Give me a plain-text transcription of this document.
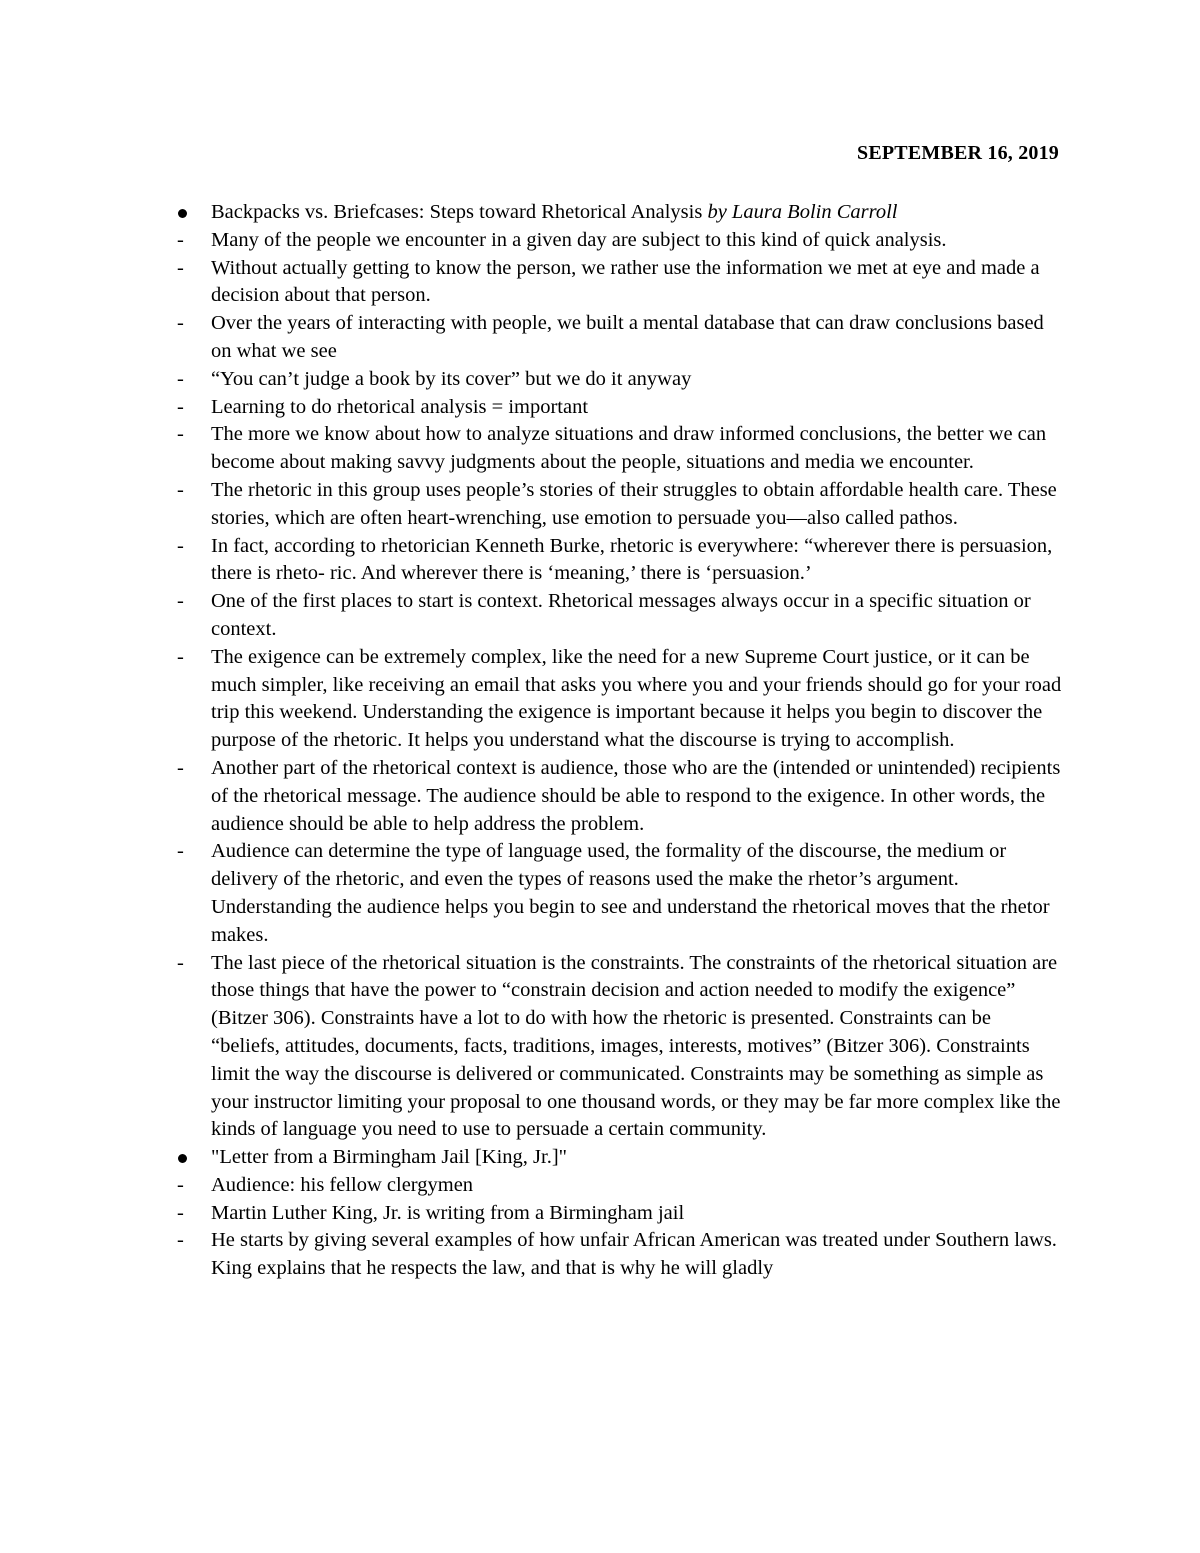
SEPTEMBER 16, 2019
Backpacks vs. Briefcases: Steps toward Rhetorical Analysis by Laura Bolin Carroll
- Many of the people we encounter in a given day are subject to this kind of quick analysis.
- Without actually getting to know the person, we rather use the information we met at eye and made a decision about that person.
- Over the years of interacting with people, we built a mental database that can draw conclusions based on what we see
- “You can’t judge a book by its cover” but we do it anyway
- Learning to do rhetorical analysis = important
- The more we know about how to analyze situations and draw informed conclusions, the better we can become about making savvy judgments about the people, situations and media we encounter.
- The rhetoric in this group uses people’s stories of their struggles to obtain affordable health care. These stories, which are often heart-wrenching, use emotion to persuade you—also called pathos.
- In fact, according to rhetorician Kenneth Burke, rhetoric is everywhere: “wherever there is persuasion, there is rheto- ric. And wherever there is ‘meaning,’ there is ‘persuasion.’
- One of the first places to start is context. Rhetorical messages always occur in a specific situation or context.
- The exigence can be extremely complex, like the need for a new Supreme Court justice, or it can be much simpler, like receiving an email that asks you where you and your friends should go for your road trip this weekend. Understanding the exigence is important because it helps you begin to discover the purpose of the rhetoric. It helps you understand what the discourse is trying to accomplish.
- Another part of the rhetorical context is audience, those who are the (intended or unintended) recipients of the rhetorical message. The audience should be able to respond to the exigence. In other words, the audience should be able to help address the problem.
- Audience can determine the type of language used, the formality of the discourse, the medium or delivery of the rhetoric, and even the types of reasons used the make the rhetor’s argument. Understanding the audience helps you begin to see and understand the rhetorical moves that the rhetor makes.
- The last piece of the rhetorical situation is the constraints. The constraints of the rhetorical situation are those things that have the power to “constrain decision and action needed to modify the exigence” (Bitzer 306). Constraints have a lot to do with how the rhetoric is presented. Constraints can be “beliefs, attitudes, documents, facts, traditions, images, interests, motives” (Bitzer 306). Constraints limit the way the discourse is delivered or communicated. Constraints may be something as simple as your instructor limiting your proposal to one thousand words, or they may be far more complex like the kinds of language you need to use to persuade a certain community.
"Letter from a Birmingham Jail [King, Jr.]"
- Audience: his fellow clergymen
- Martin Luther King, Jr. is writing from a Birmingham jail
- He starts by giving several examples of how unfair African American was treated under Southern laws. King explains that he respects the law, and that is why he will gladly
